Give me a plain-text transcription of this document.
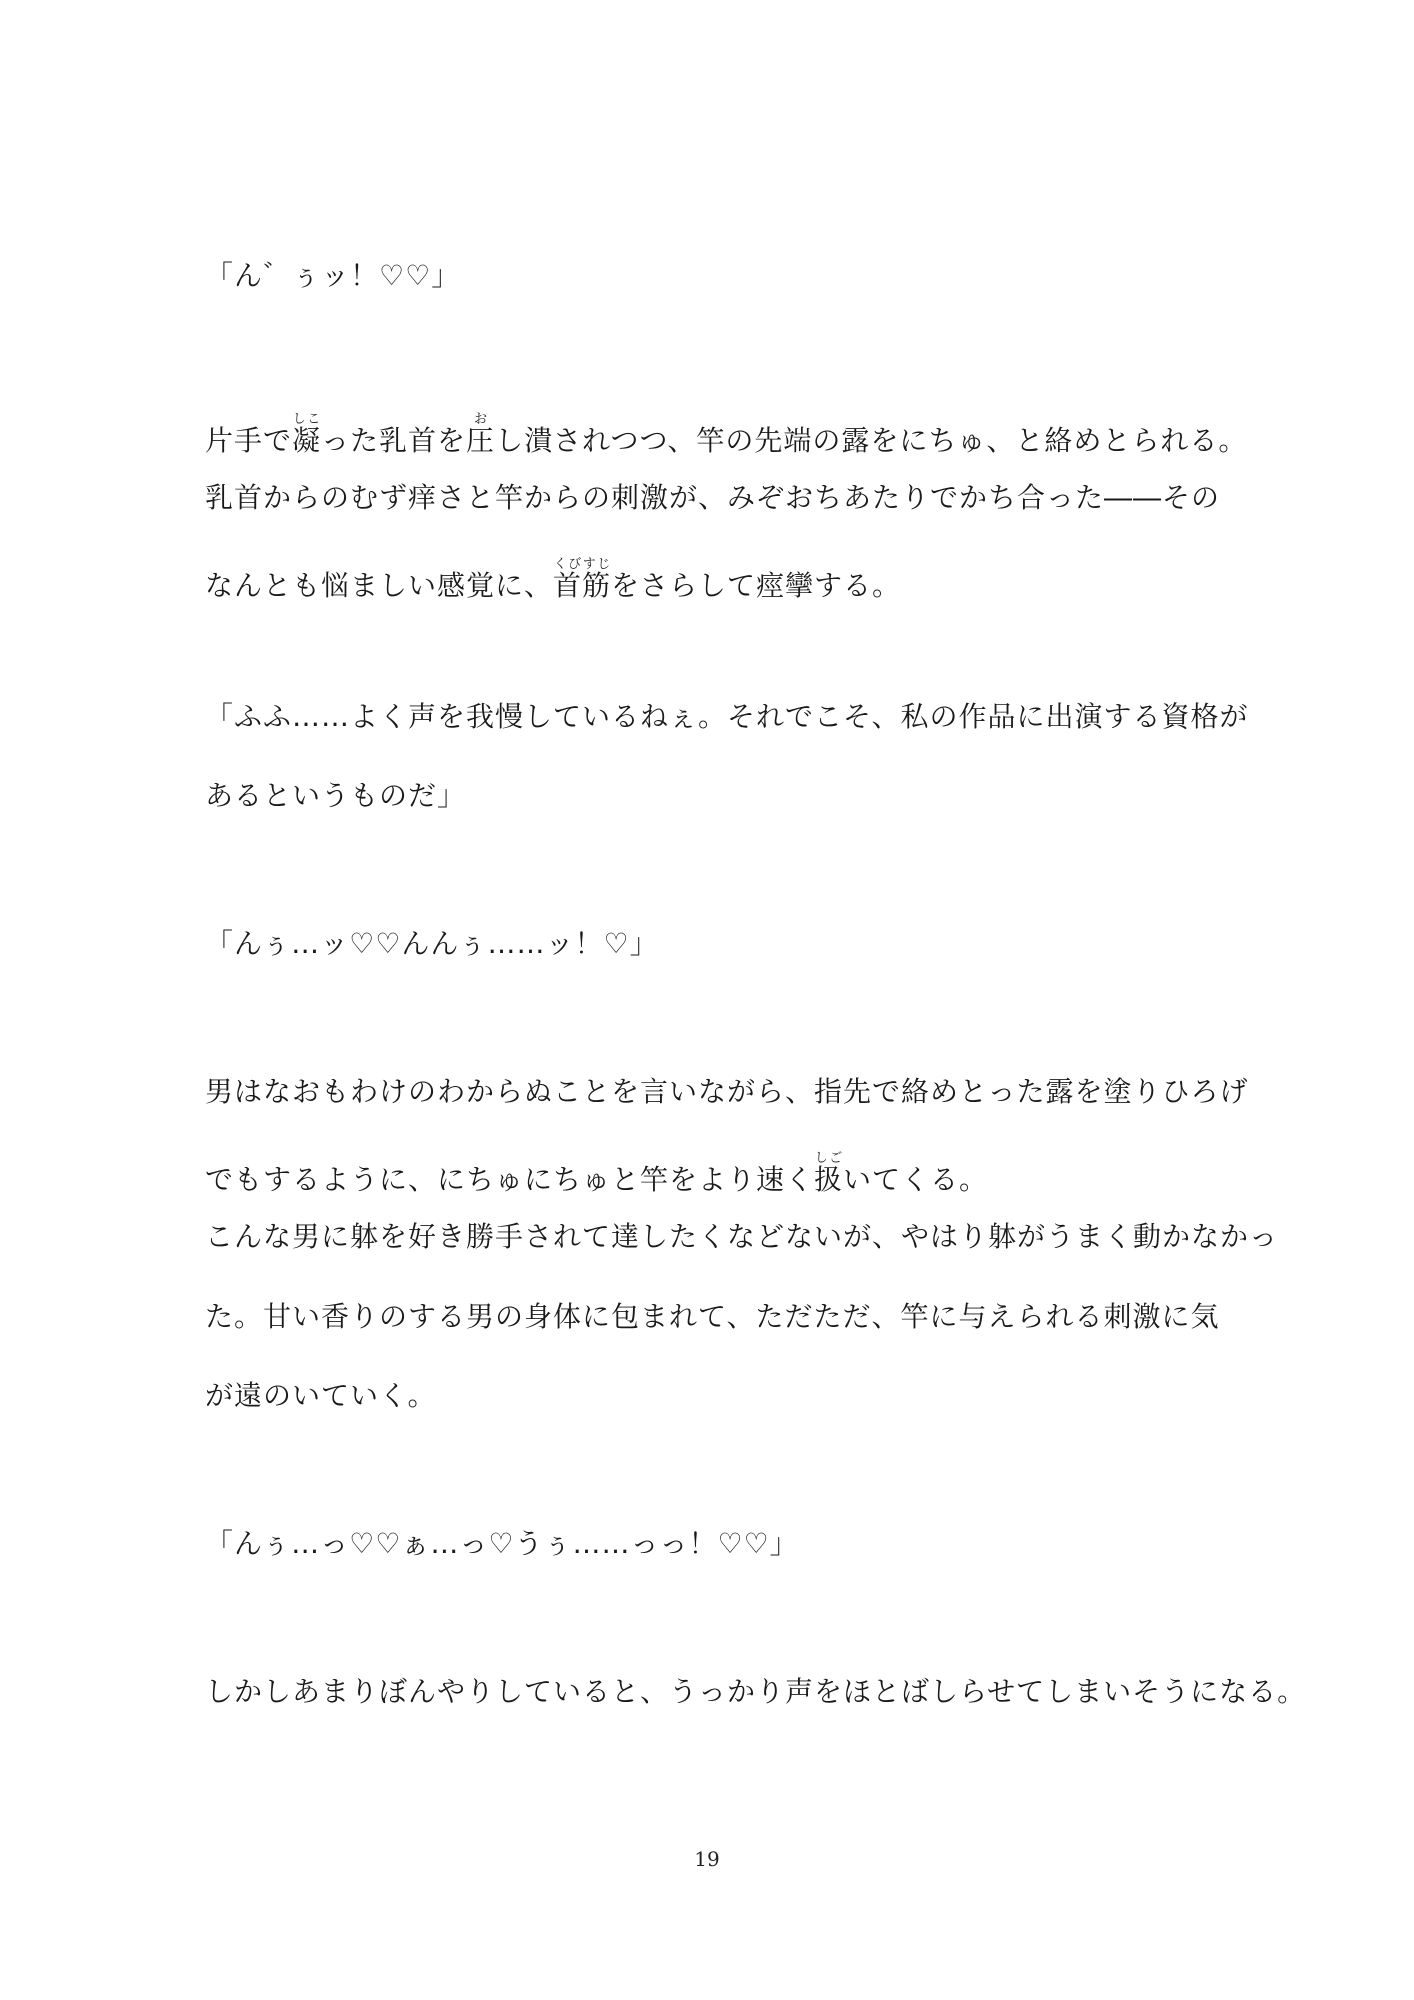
「ん゛ぅッ！♡♡」
片手で凝しこった乳首を圧おし潰されつつ、竿の先端の露をにちゅ、と絡めとられる。
乳首からのむず痒さと竿からの刺激が、みぞおちあたりでかち合った――その
なんとも悩ましい感覚に、首筋くびすじをさらして痙攣する。
「ふふ……よく声を我慢しているねぇ。それでこそ、私の作品に出演する資格が
あるというものだ」
「んぅ…ッ♡♡んんぅ……ッ！♡」
男はなおもわけのわからぬことを言いながら、指先で絡めとった露を塗りひろげ
でもするように、にちゅにちゅと竿をより速く扱しごいてくる。
こんな男に躰を好き勝手されて達したくなどないが、やはり躰がうまく動かなかっ
た。甘い香りのする男の身体に包まれて、ただただ、竿に与えられる刺激に気
が遠のいていく。
「んぅ…っ♡♡ぁ…っ♡うぅ……っっ！♡♡」
しかしあまりぼんやりしていると、うっかり声をほとばしらせてしまいそうになる。
19
